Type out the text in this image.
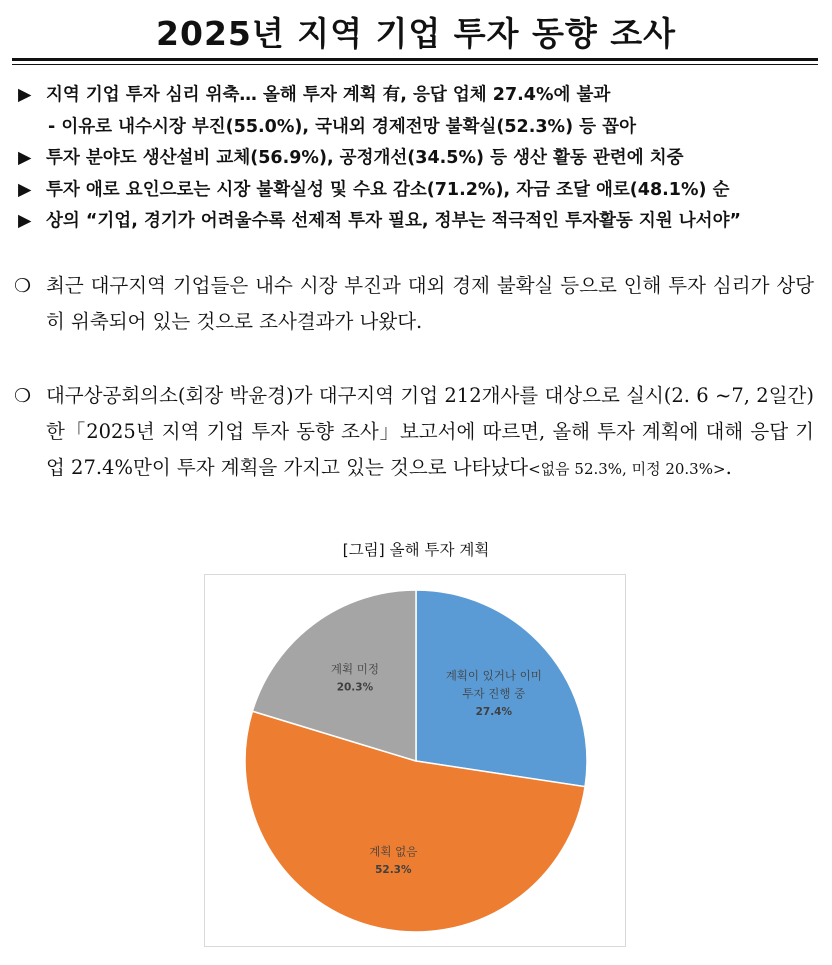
2025년 지역 기업 투자 동향 조사
▶ 지역 기업 투자 심리 위축… 올해 투자 계획 有, 응답 업체 27.4%에 불과
- 이유로 내수시장 부진(55.0%), 국내외 경제전망 불확실(52.3%) 등 꼽아
▶ 투자 분야도 생산설비 교체(56.9%), 공정개선(34.5%) 등 생산 활동 관련에 치중
▶ 투자 애로 요인으로는 시장 불확실성 및 수요 감소(71.2%), 자금 조달 애로(48.1%) 순
▶ 상의 “기업, 경기가 어려울수록 선제적 투자 필요, 정부는 적극적인 투자활동 지원 나서야”
❍ 최근 대구지역 기업들은 내수 시장 부진과 대외 경제 불확실 등으로 인해 투자 심리가 상당히 위축되어 있는 것으로 조사결과가 나왔다.
❍ 대구상공회의소(회장 박윤경)가 대구지역 기업 212개사를 대상으로 실시(2. 6 ~7, 2일간)한「2025년 지역 기업 투자 동향 조사」보고서에 따르면, 올해 투자 계획에 대해 응답 기업 27.4%만이 투자 계획을 가지고 있는 것으로 나타났다<없음 52.3%, 미정 20.3%>.
[그림] 올해 투자 계획
계획이 있거나 이미
투자 진행 중
27.4%
계획 없음
52.3%
계획 미정
20.3%
